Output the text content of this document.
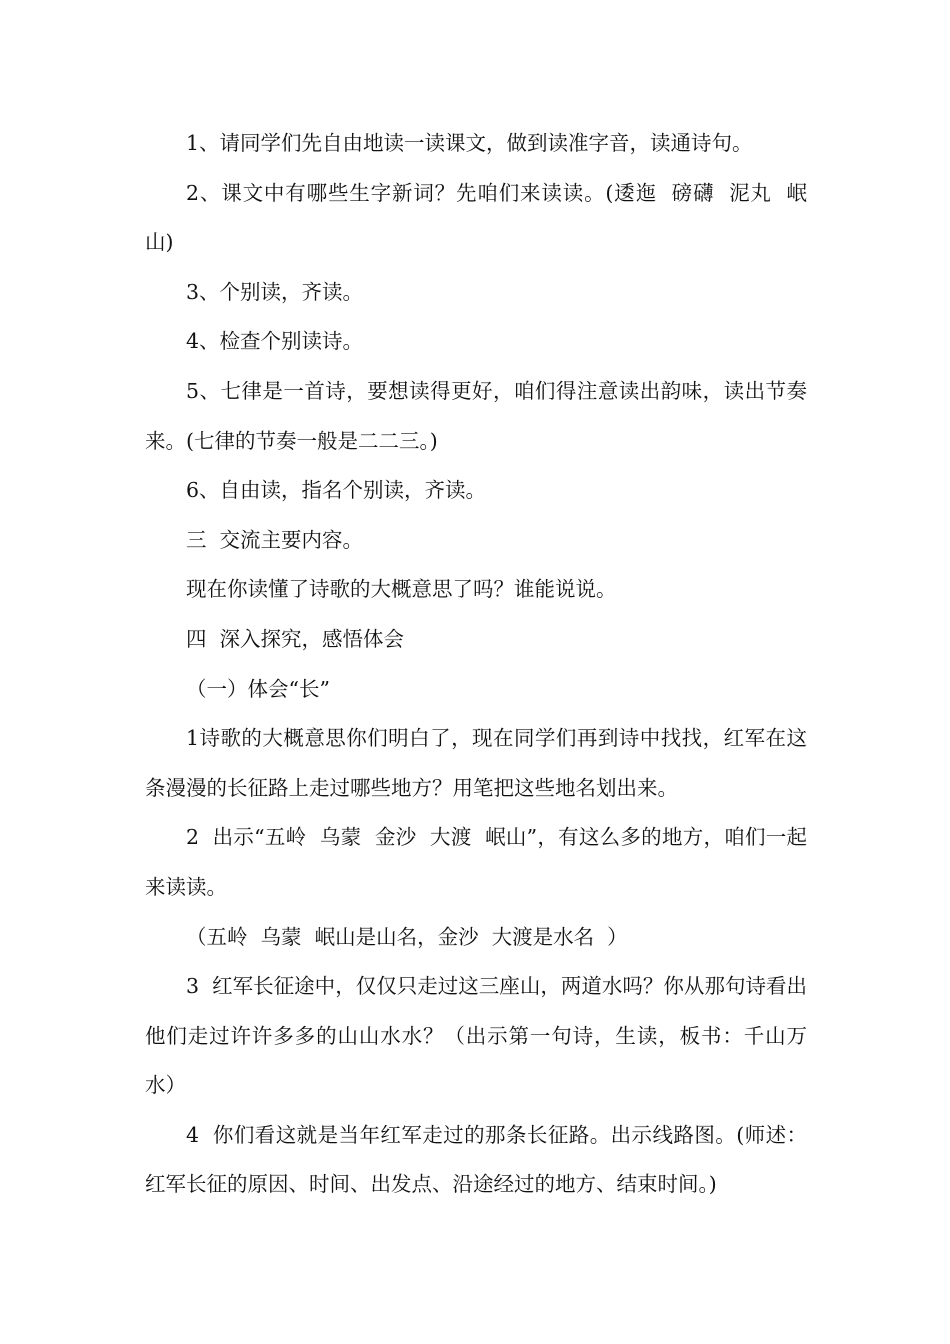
1、请同学们先自由地读一读课文，做到读准字音，读通诗句。

2、课文中有哪些生字新词？先咱们来读读。(逶迤  磅礴  泥丸  岷山)

3、个别读，齐读。

4、检查个别读诗。

5、七律是一首诗，要想读得更好，咱们得注意读出韵味，读出节奏来。(七律的节奏一般是二二三。)

6、自由读，指名个别读，齐读。

三  交流主要内容。

现在你读懂了诗歌的大概意思了吗？谁能说说。

四  深入探究，感悟体会

（一）体会“长”

1诗歌的大概意思你们明白了，现在同学们再到诗中找找，红军在这条漫漫的长征路上走过哪些地方？用笔把这些地名划出来。

2  出示“五岭  乌蒙  金沙  大渡  岷山”，有这么多的地方，咱们一起来读读。

（五岭  乌蒙  岷山是山名，金沙  大渡是水名  ）

3  红军长征途中，仅仅只走过这三座山，两道水吗？你从那句诗看出他们走过许许多多的山山水水？（出示第一句诗，生读，板书：千山万水）

4  你们看这就是当年红军走过的那条长征路。出示线路图。(师述：红军长征的原因、时间、出发点、沿途经过的地方、结束时间。)
